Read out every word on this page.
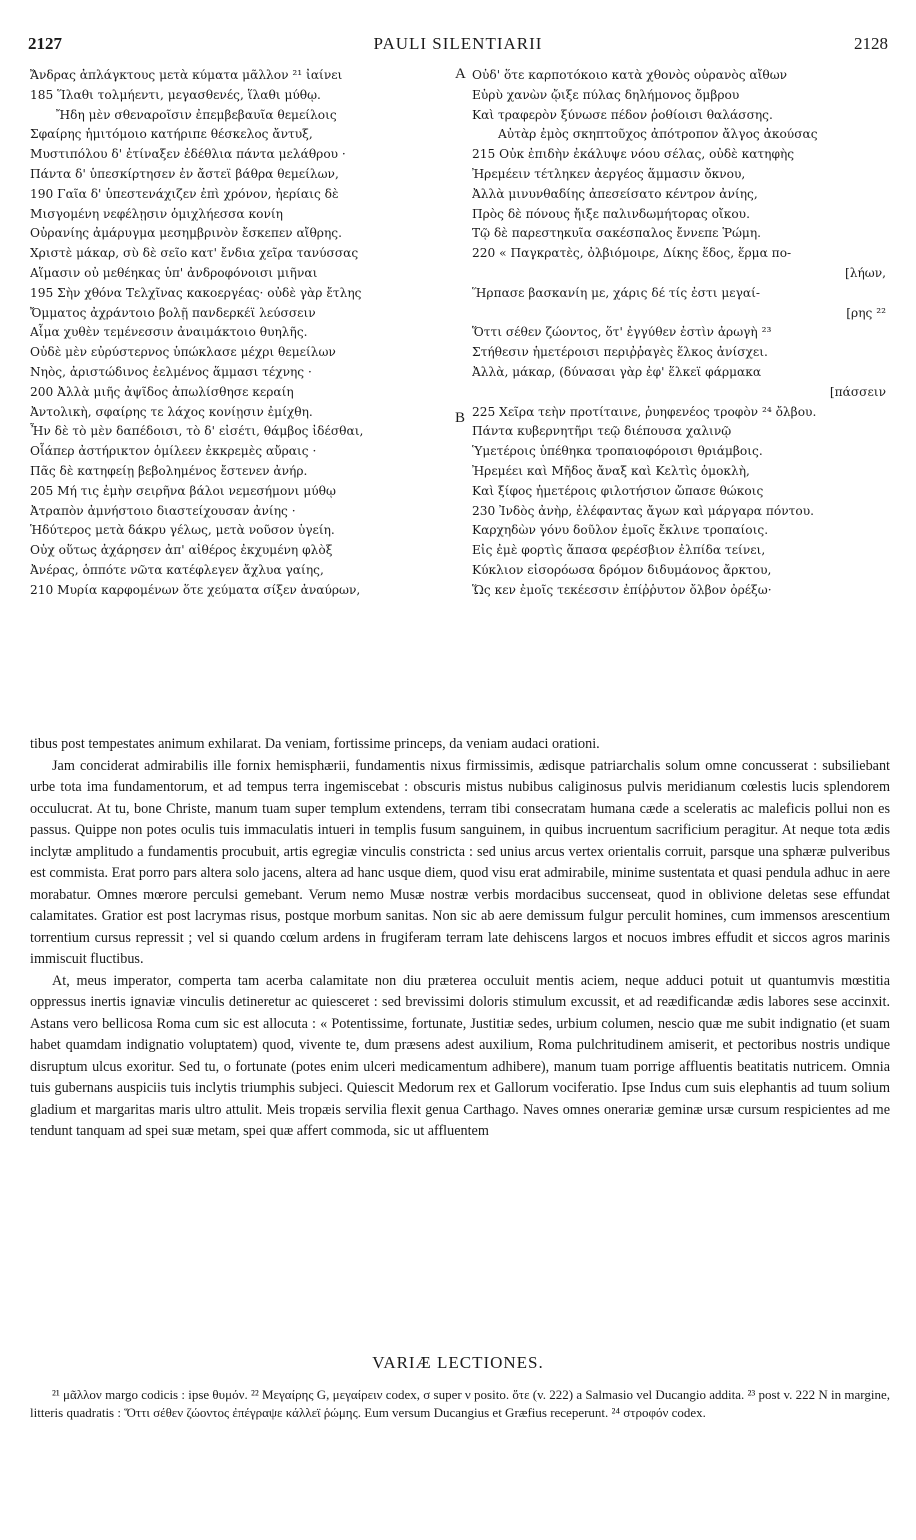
2127	PAULI SILENTIARII	2128
Ἄνδρας ἀπλάγκτους μετὰ κύματα μᾶλλον ²¹ ἰαίνει
185 Ἵλαθι τολμήεντι, μεγασθενές, ἵλαθι μύθῳ.
Ἤδη μὲν σθεναροῖσιν ἐπεμβεβαυῖα θεμείλοις
Σφαίρης ἡμιτόμοιο κατήριπε θέσκελος ἄντυξ,
Μυστιπόλου δ' ἐτίναξεν ἐδέθλια πάντα μελάθρου ·
Πάντα δ' ὑπεσκίρτησεν ἐν ἄστεϊ βάθρα θεμείλων,
190 Γαῖα δ' ὑπεστενάχιζεν ἐπὶ χρόνον, ἠερίαις δὲ
Μισγομένη νεφέλῃσιν ὁμιχλήεσσα κονίη
Οὐρανίης ἀμάρυγμα μεσημβρινὸν ἔσκεπεν αἴθρης.
Χριστὲ μάκαρ, σὺ δὲ σεῖο κατ' ἔνδια χεῖρα τανύσσας
Αἵμασιν οὐ μεθέηκας ὑπ' ἀνδροφόνοισι μιῆναι
195 Σὴν χθόνα Τελχῖνας κακοεργέας· οὐδὲ γὰρ ἔτλης
Ὄμματος ἀχράντοιο βολῇ πανδερκέϊ λεύσσειν
Αἷμα χυθὲν τεμένεσσιν ἀναιμάκτοιο θυηλῆς.
Οὐδὲ μὲν εὐρύστερνος ὑπώκλασε μέχρι θεμείλων
Νηὸς, ἀριστώδινος ἐελμένος ἅμμασι τέχνης ·
200 Ἀλλὰ μιῆς ἀψῖδος ἀπωλίσθησε κεραίη
Ἀντολικὴ, σφαίρης τε λάχος κονίῃσιν ἐμίχθη.
Ἦν δὲ τὸ μὲν δαπέδοισι, τὸ δ' εἰσέτι, θάμβος ἰδέσθαι,
Οἷάπερ ἀστήρικτον ὁμίλεεν ἐκκρεμὲς αὔραις ·
Πᾶς δὲ κατηφείῃ βεβολημένος ἔστενεν ἀνήρ.
205 Μή τις ἐμὴν σειρῆνα βάλοι νεμεσήμονι μύθῳ
Ἀτραπὸν ἀμνήστοιο διαστείχουσαν ἀνίης ·
Ἡδύτερος μετὰ δάκρυ γέλως, μετὰ νοῦσον ὑγείη.
Οὐχ οὕτως ἀχάρησεν ἀπ' αἰθέρος ἐκχυμένη φλὸξ
Ἀνέρας, ὁππότε νῶτα κατέφλεγεν ἄχλυα γαίης,
210 Μυρία καρφομένων ὅτε χεύματα σίξεν ἀναύρων,
A
B
Οὐδ' ὅτε καρποτόκοιο κατὰ χθονὸς οὐρανὸς αἴθων
Εὐρὺ χανὼν ᾤιξε πύλας δηλήμονος ὄμβρου
Καὶ τραφερὸν ξύνωσε πέδον ῥοθίοισι θαλάσσης.
Αὐτὰρ ἐμὸς σκηπτοῦχος ἀπότροπον ἄλγος ἀκούσας
215 Οὐκ ἐπιδὴν ἐκάλυψε νόου σέλας, οὐδὲ κατηφὴς
Ἠρεμέειν τέτληκεν ἀεργέος ἅμμασιν ὄκνου,
Ἀλλὰ μινυνθαδίης ἀπεσείσατο κέντρον ἀνίης,
Πρὸς δὲ πόνους ἤιξε παλινδωμήτορας οἴκου.
Τῷ δὲ παρεστηκυῖα σακέσπαλος ἔννεπε Ῥώμη.
220 « Παγκρατὲς, ὀλβιόμοιρε, Δίκης ἕδος, ἕρμα πο-
[λήων,
Ἥρπασε βασκανίη με, χάρις δέ τίς ἐστι μεγαί-
[ρης ²²
Ὅττι σέθεν ζώοντος, ὅτ' ἐγγύθεν ἐστὶν ἀρωγὴ ²³
Στήθεσιν ἡμετέροισι περιῤῥαγὲς ἕλκος ἀνίσχει.
Ἀλλὰ, μάκαρ, (δύνασαι γὰρ ἐφ' ἕλκεϊ φάρμακα
[πάσσειν
225 Χεῖρα τεὴν προτίταινε, ῥυηφενέος τροφὸν ²⁴ ὄλβου.
Πάντα κυβερνητῆρι τεῷ διέπουσα χαλινῷ
Ὑμετέροις ὑπέθηκα τροπαιοφόροισι θριάμβοις.
Ἠρεμέει καὶ Μῆδος ἄναξ καὶ Κελτὶς ὁμοκλὴ,
Καὶ ξίφος ἡμετέροις φιλοτήσιον ὤπασε θώκοις
230 Ἰνδὸς ἀνὴρ, ἐλέφαντας ἄγων καὶ μάργαρα πόντου.
Καρχηδὼν γόνυ δοῦλον ἐμοῖς ἔκλινε τροπαίοις.
Εἰς ἐμὲ φορτὶς ἅπασα φερέσβιον ἐλπίδα τείνει,
Κύκλιον εἰσορόωσα δρόμον διδυμάονος ἄρκτου,
Ὥς κεν ἐμοῖς τεκέεσσιν ἐπίῤῥυτον ὄλβον ὀρέξω·

tibus post tempestates animum exhilarat. Da veniam, fortissime princeps, da veniam audaci orationi.

Jam conciderat admirabilis ille fornix hemisphærii, fundamentis nixus firmissimis, ædisque patriarchalis solum omne concusserat : subsiliebant urbe tota ima fundamentorum, et ad tempus terra ingemiscebat : obscuris mistus nubibus caliginosus pulvis meridianum cœlestis lucis splendorem occulucrat. At tu, bone Christe, manum tuam super templum extendens, terram tibi consecratam humana cæde a sceleratis ac maleficis pollui non es passus. Quippe non potes oculis tuis immaculatis intueri in templis fusum sanguinem, in quibus incruentum sacrificium peragitur. At neque tota ædis inclytæ amplitudo a fundamentis procubuit, artis egregiæ vinculis constricta : sed unius arcus vertex orientalis corruit, parsque una sphæræ pulveribus est commista. Erat porro pars altera solo jacens, altera ad hanc usque diem, quod visu erat admirabile, minime sustentata et quasi pendula adhuc in aere morabatur. Omnes mœrore perculsi gemebant. Verum nemo Musæ nostræ verbis mordacibus succenseat, quod in oblivione deletas sese effundat calamitates. Gratior est post lacrymas risus, postque morbum sanitas. Non sic ab aere demissum fulgur perculit homines, cum immensos arescentium torrentium cursus repressit ; vel si quando cœlum ardens in frugiferam terram late dehiscens largos et nocuos imbres effudit et siccos agros marinis immiscuit fluctibus.

At, meus imperator, comperta tam acerba calamitate non diu præterea occuluit mentis aciem, neque adduci potuit ut quantumvis mœstitia oppressus inertis ignaviæ vinculis detineretur ac quiesceret : sed brevissimi doloris stimulum excussit, et ad reædificandæ ædis labores sese accinxit. Astans vero bellicosa Roma cum sic est allocuta : « Potentissime, fortunate, Justitiæ sedes, urbium columen, nescio quæ me subit indignatio (et suam habet quamdam indignatio voluptatem) quod, vivente te, dum præsens adest auxilium, Roma pulchritudinem amiserit, et pectoribus nostris undique disruptum ulcus exoritur. Sed tu, o fortunate (potes enim ulceri medicamentum adhibere), manum tuam porrige affluentis beatitatis nutricem. Omnia tuis gubernans auspiciis tuis inclytis triumphis subjeci. Quiescit Medorum rex et Gallorum vociferatio. Ipse Indus cum suis elephantis ad tuum solium gladium et margaritas maris ultro attulit. Meis tropæis servilia flexit genua Carthago. Naves omnes onerariæ geminæ ursæ cursum respicientes ad me tendunt tanquam ad spei suæ metam, spei quæ affert commoda, sic ut affluentem

VARIÆ LECTIONES.

²¹ μᾶλλον margo codicis : ipse θυμόν. ²² Μεγαίρης G, μεγαίρειν codex, σ super ν posito. ὅτε (v. 222) a Salmasio vel Ducangio addita. ²³ post v. 222 N in margine, litteris quadratis : Ὅττι σέθεν ζώοντος ἐπέγραψε κάλλεϊ ῥώμης. Eum versum Ducangius et Græfius receperunt. ²⁴ στροφόν codex.
